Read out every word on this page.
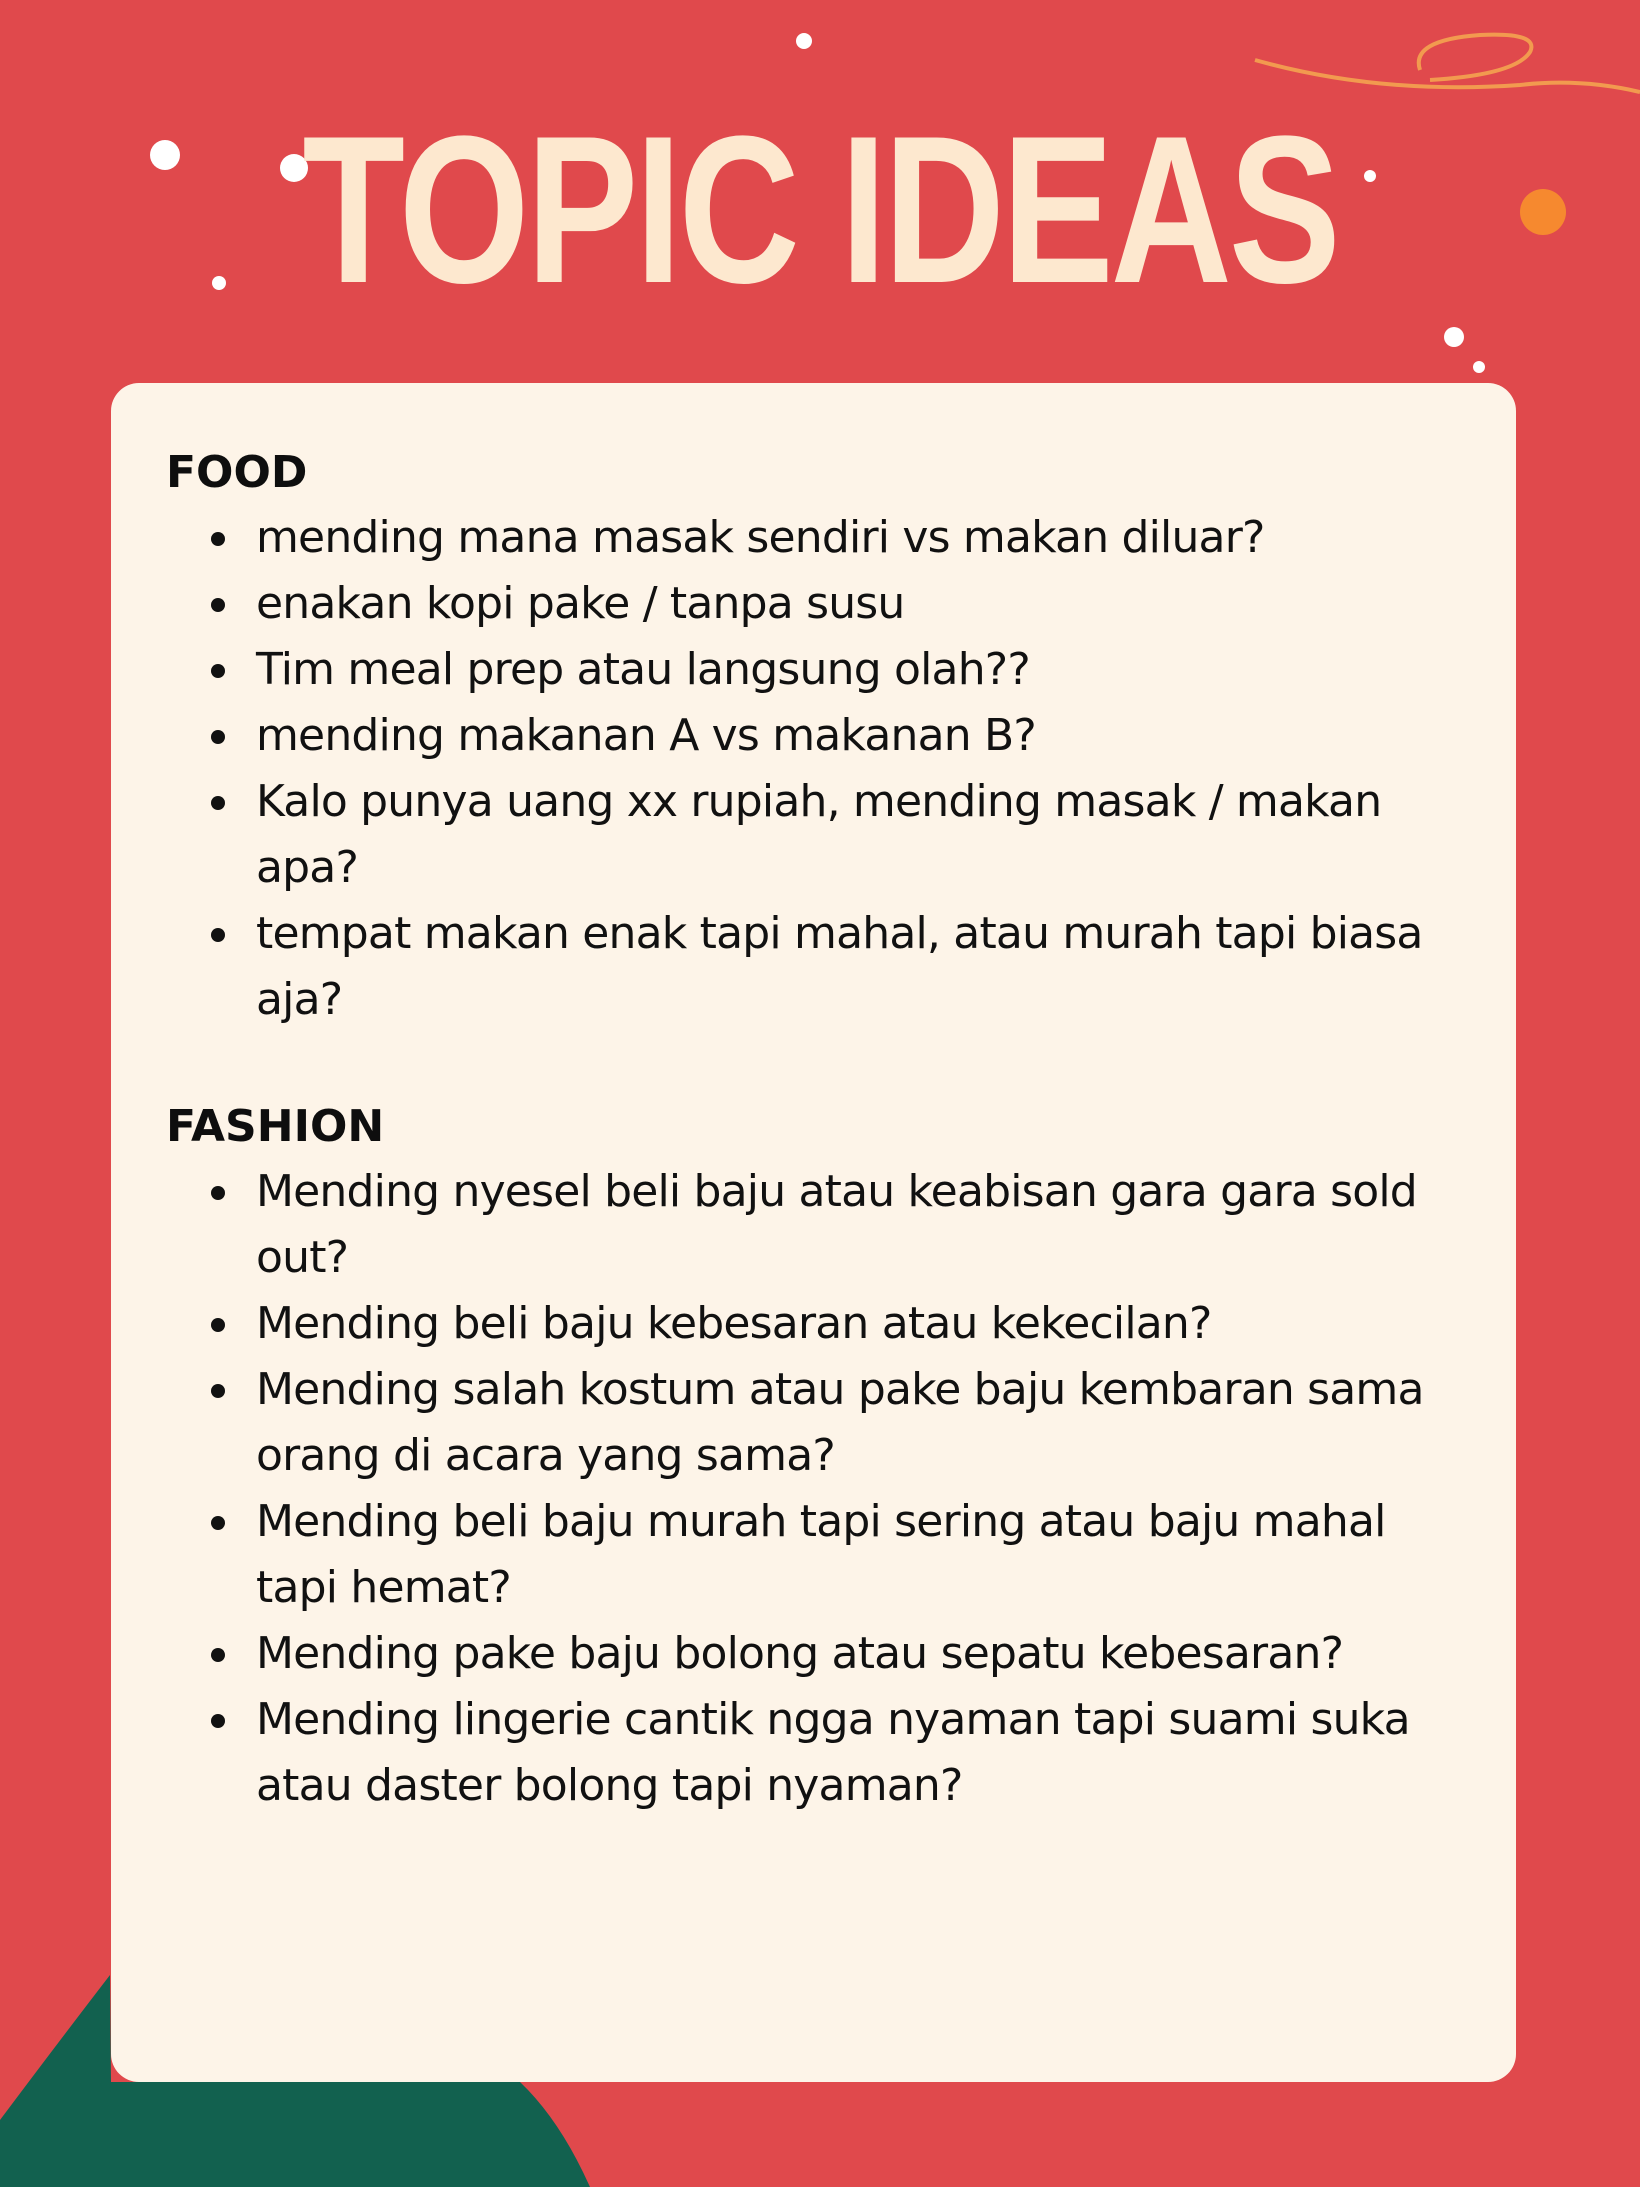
TOPIC IDEAS

FOOD

mending mana masak sendiri vs makan diluar?
enakan kopi pake / tanpa susu
Tim meal prep atau langsung olah??
mending makanan A vs makanan B?
Kalo punya uang xx rupiah, mending masak / makan apa?
tempat makan enak tapi mahal, atau murah tapi biasa aja?

FASHION

Mending nyesel beli baju atau keabisan gara gara sold out?
Mending beli baju kebesaran atau kekecilan?
Mending salah kostum atau pake baju kembaran sama orang di acara yang sama?
Mending beli baju murah tapi sering atau baju mahal tapi hemat?
Mending pake baju bolong atau sepatu kebesaran?
Mending lingerie cantik ngga nyaman tapi suami suka atau daster bolong tapi nyaman?
